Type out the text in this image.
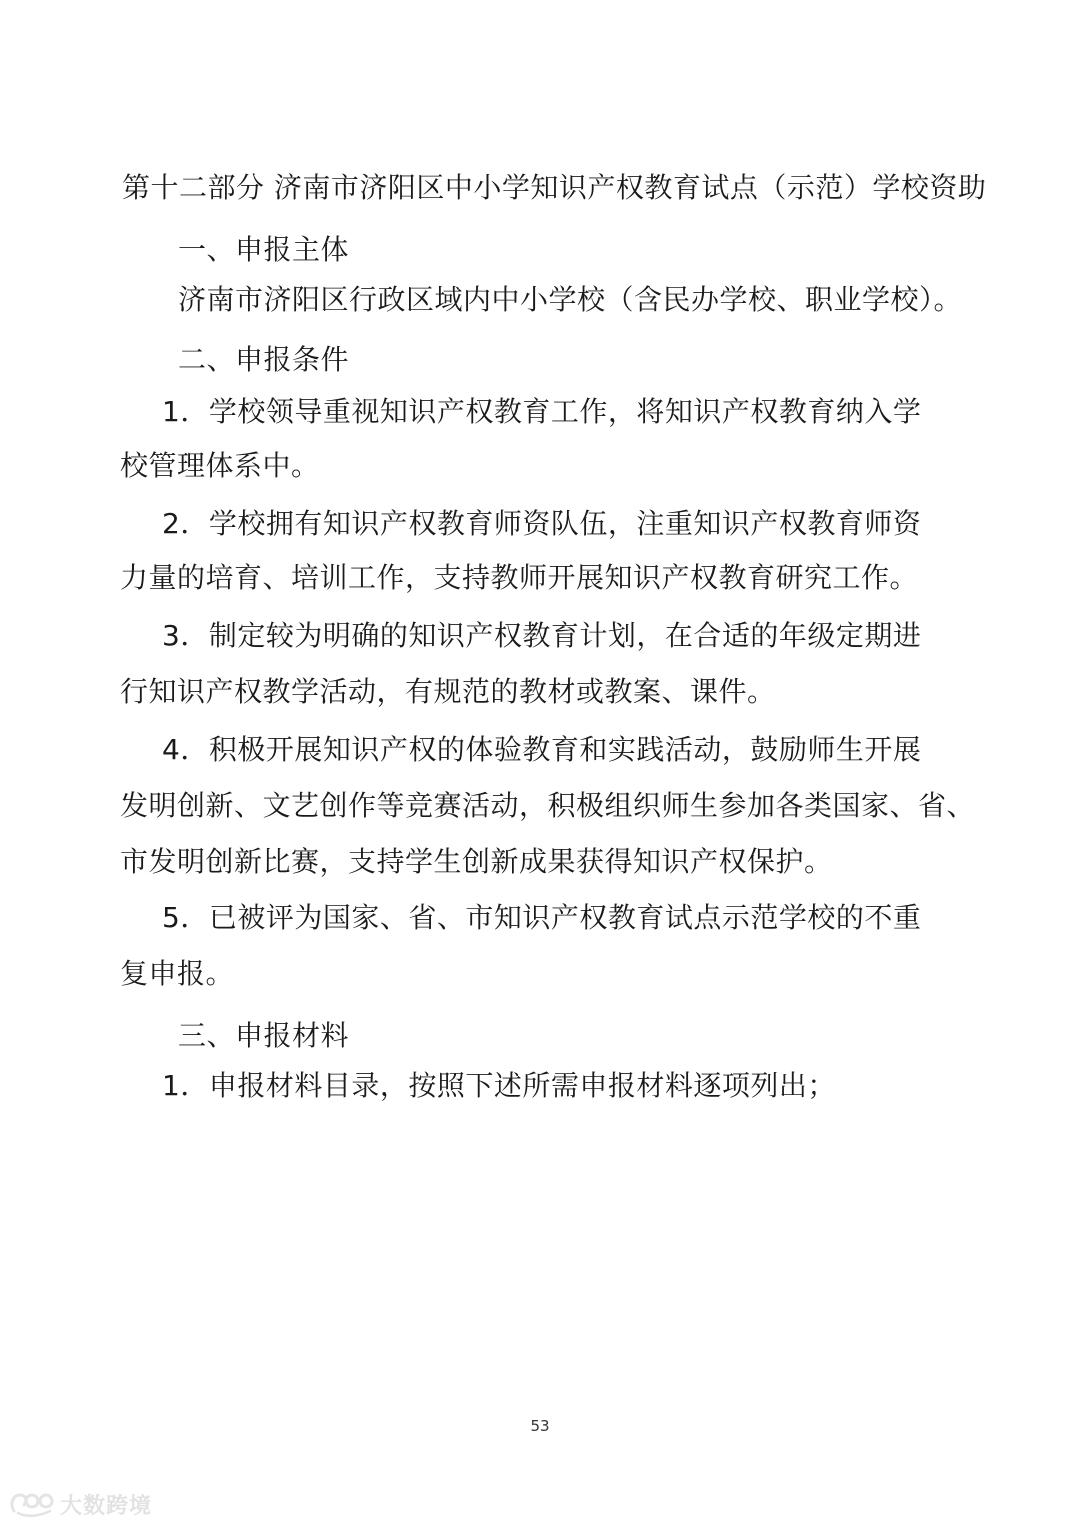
第十二部分 济南市济阳区中小学知识产权教育试点（示范）学校资助
一、申报主体
济南市济阳区行政区域内中小学校（含民办学校、职业学校）。
二、申报条件
1．学校领导重视知识产权教育工作，将知识产权教育纳入学
校管理体系中。
2．学校拥有知识产权教育师资队伍，注重知识产权教育师资
力量的培育、培训工作，支持教师开展知识产权教育研究工作。
3．制定较为明确的知识产权教育计划，在合适的年级定期进
行知识产权教学活动，有规范的教材或教案、课件。
4．积极开展知识产权的体验教育和实践活动，鼓励师生开展
发明创新、文艺创作等竞赛活动，积极组织师生参加各类国家、省、
市发明创新比赛，支持学生创新成果获得知识产权保护。
5．已被评为国家、省、市知识产权教育试点示范学校的不重
复申报。
三、申报材料
1．申报材料目录，按照下述所需申报材料逐项列出；
53
大数跨境
